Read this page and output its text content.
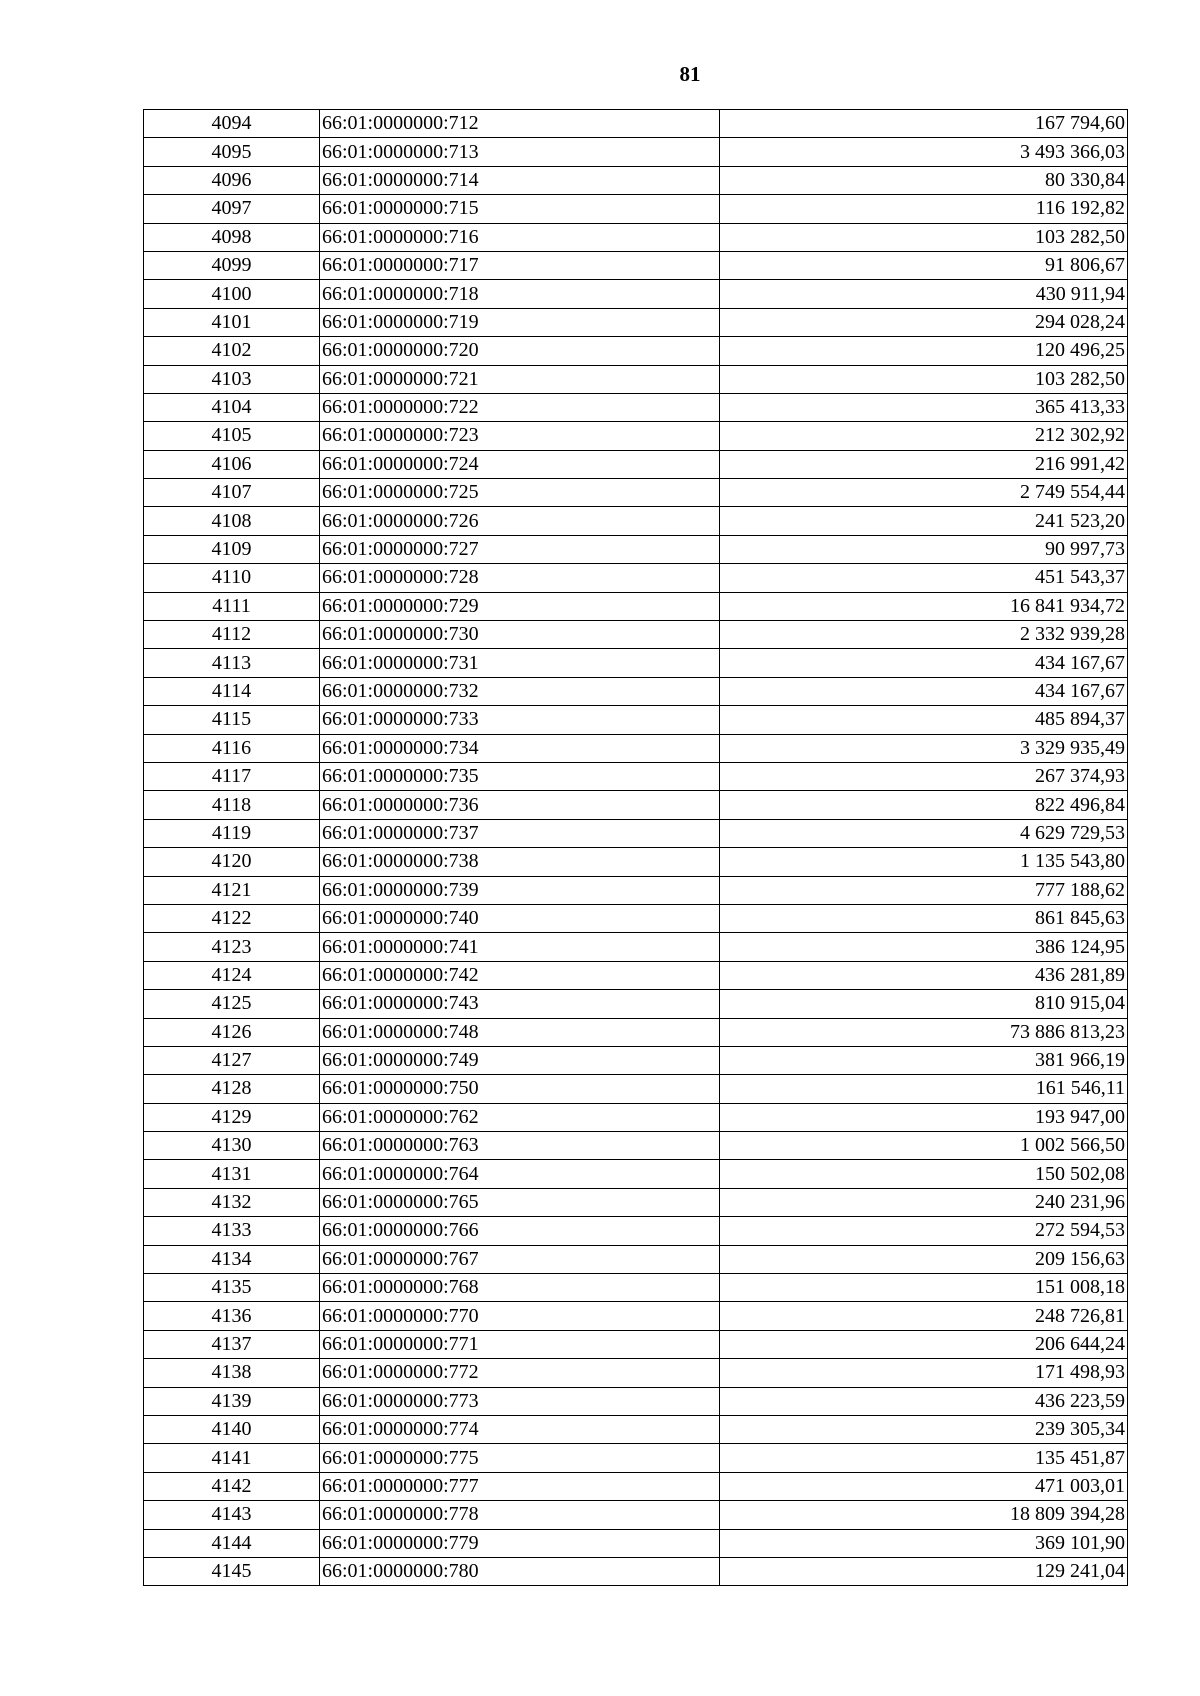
81
4094	66:01:0000000:712	167 794,60
4095	66:01:0000000:713	3 493 366,03
4096	66:01:0000000:714	80 330,84
4097	66:01:0000000:715	116 192,82
4098	66:01:0000000:716	103 282,50
4099	66:01:0000000:717	91 806,67
4100	66:01:0000000:718	430 911,94
4101	66:01:0000000:719	294 028,24
4102	66:01:0000000:720	120 496,25
4103	66:01:0000000:721	103 282,50
4104	66:01:0000000:722	365 413,33
4105	66:01:0000000:723	212 302,92
4106	66:01:0000000:724	216 991,42
4107	66:01:0000000:725	2 749 554,44
4108	66:01:0000000:726	241 523,20
4109	66:01:0000000:727	90 997,73
4110	66:01:0000000:728	451 543,37
4111	66:01:0000000:729	16 841 934,72
4112	66:01:0000000:730	2 332 939,28
4113	66:01:0000000:731	434 167,67
4114	66:01:0000000:732	434 167,67
4115	66:01:0000000:733	485 894,37
4116	66:01:0000000:734	3 329 935,49
4117	66:01:0000000:735	267 374,93
4118	66:01:0000000:736	822 496,84
4119	66:01:0000000:737	4 629 729,53
4120	66:01:0000000:738	1 135 543,80
4121	66:01:0000000:739	777 188,62
4122	66:01:0000000:740	861 845,63
4123	66:01:0000000:741	386 124,95
4124	66:01:0000000:742	436 281,89
4125	66:01:0000000:743	810 915,04
4126	66:01:0000000:748	73 886 813,23
4127	66:01:0000000:749	381 966,19
4128	66:01:0000000:750	161 546,11
4129	66:01:0000000:762	193 947,00
4130	66:01:0000000:763	1 002 566,50
4131	66:01:0000000:764	150 502,08
4132	66:01:0000000:765	240 231,96
4133	66:01:0000000:766	272 594,53
4134	66:01:0000000:767	209 156,63
4135	66:01:0000000:768	151 008,18
4136	66:01:0000000:770	248 726,81
4137	66:01:0000000:771	206 644,24
4138	66:01:0000000:772	171 498,93
4139	66:01:0000000:773	436 223,59
4140	66:01:0000000:774	239 305,34
4141	66:01:0000000:775	135 451,87
4142	66:01:0000000:777	471 003,01
4143	66:01:0000000:778	18 809 394,28
4144	66:01:0000000:779	369 101,90
4145	66:01:0000000:780	129 241,04
